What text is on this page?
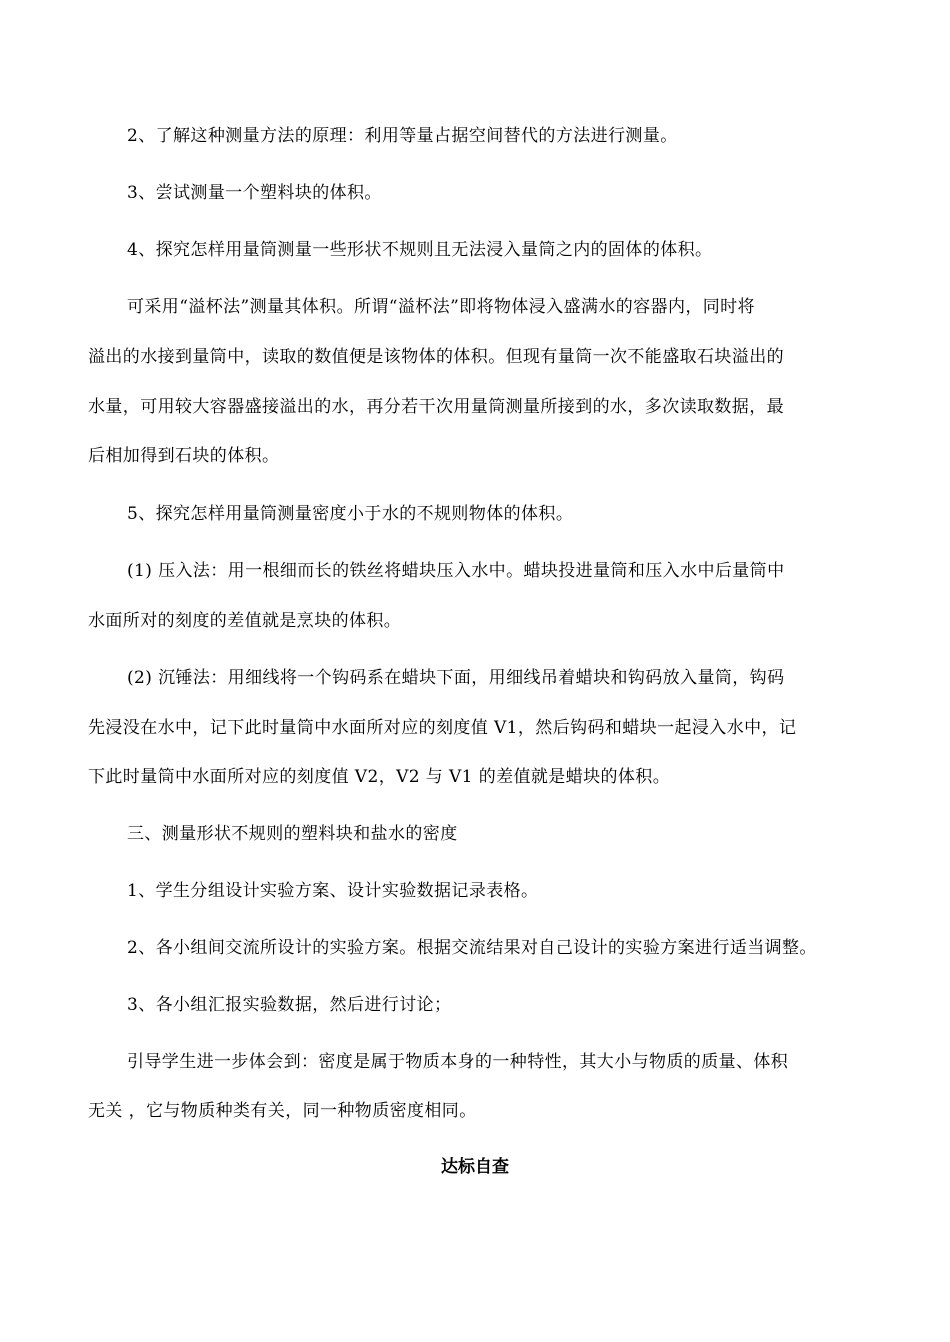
2、了解这种测量方法的原理：利用等量占据空间替代的方法进行测量。
3、尝试测量一个塑料块的体积。
4、探究怎样用量筒测量一些形状不规则且无法浸入量筒之内的固体的体积。
可采用“溢杯法”测量其体积。所谓“溢杯法”即将物体浸入盛满水的容器内，同时将
溢出的水接到量筒中，读取的数值便是该物体的体积。但现有量筒一次不能盛取石块溢出的
水量，可用较大容器盛接溢出的水，再分若干次用量筒测量所接到的水，多次读取数据，最
后相加得到石块的体积。
5、探究怎样用量筒测量密度小于水的不规则物体的体积。
(1) 压入法：用一根细而长的铁丝将蜡块压入水中。蜡块投进量筒和压入水中后量筒中
水面所对的刻度的差值就是烹块的体积。
(2) 沉锤法：用细线将一个钩码系在蜡块下面，用细线吊着蜡块和钩码放入量筒，钩码
先浸没在水中，记下此时量筒中水面所对应的刻度值 V1，然后钩码和蜡块一起浸入水中，记
下此时量筒中水面所对应的刻度值 V2，V2 与 V1 的差值就是蜡块的体积。
三、测量形状不规则的塑料块和盐水的密度
1、学生分组设计实验方案、设计实验数据记录表格。
2、各小组间交流所设计的实验方案。根据交流结果对自己设计的实验方案进行适当调整。
3、各小组汇报实验数据，然后进行讨论；
引导学生进一步体会到：密度是属于物质本身的一种特性，其大小与物质的质量、体积
无关 ，它与物质种类有关，同一种物质密度相同。
达标自查
